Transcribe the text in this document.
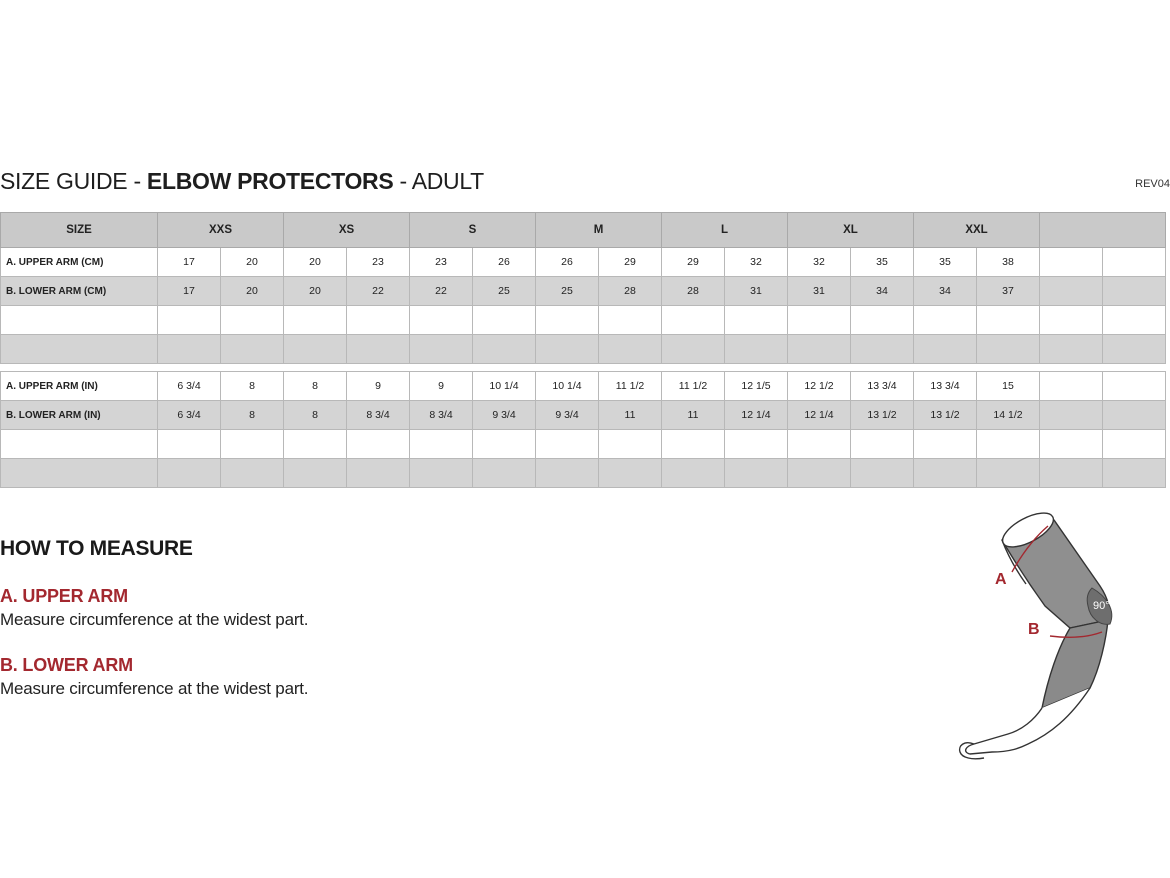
SIZE GUIDE - ELBOW PROTECTORS - ADULT	REV04
SIZE	XXS		XS		S		M		L		XL		XXL			
A. UPPER ARM (CM)	17	20	20	23	23	26	26	29	29	32	32	35	35	38		
B. LOWER ARM (CM)	17	20	20	22	22	25	25	28	28	31	31	34	34	37		

A. UPPER ARM (IN)	6 3/4	8	8	9	9	10 1/4	10 1/4	11 1/2	11 1/2	12 1/5	12 1/2	13 3/4	13 3/4	15		
B. LOWER ARM (IN)	6 3/4	8	8	8 3/4	8 3/4	9 3/4	9 3/4	11	11	12 1/4	12 1/4	13 1/2	13 1/2	14 1/2		

HOW TO MEASURE
A. UPPER ARM
Measure circumference at the widest part.
B. LOWER ARM
Measure circumference at the widest part.
90°
A
B
